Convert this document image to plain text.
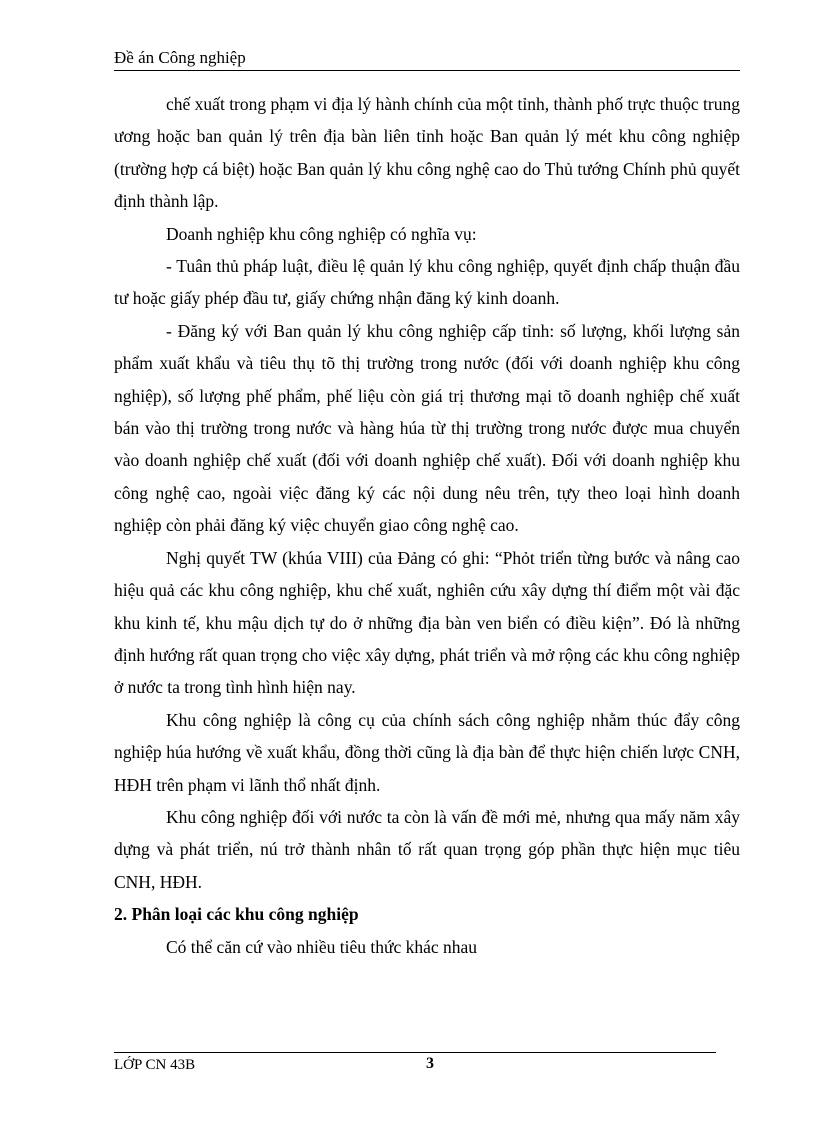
Đề án Công nghiệp

chế xuất trong phạm vi địa lý hành chính của một tỉnh, thành phố trực thuộc trung ương hoặc ban quản lý trên địa bàn liên tỉnh hoặc Ban quản lý mét khu công nghiệp (trường hợp cá biệt) hoặc Ban quản lý khu công nghệ cao do Thủ tướng Chính phủ quyết định thành lập.

Doanh nghiệp khu công nghiệp có nghĩa vụ:

- Tuân thủ pháp luật, điều lệ quản lý khu công nghiệp, quyết định chấp thuận đầu tư hoặc giấy phép đầu tư, giấy chứng nhận đăng ký kinh doanh.

- Đăng ký với Ban quản lý khu công nghiệp cấp tỉnh: số lượng, khối lượng sản phẩm xuất khẩu và tiêu thụ tõ thị trường trong nước (đối với doanh nghiệp khu công nghiệp), số lượng phế phẩm, phế liệu còn giá trị thương mại tõ doanh nghiệp chế xuất bán vào thị trường trong nước và hàng húa từ thị trường trong nước được mua chuyển vào doanh nghiệp chế xuất (đối với doanh nghiệp chế xuất). Đối với doanh nghiệp khu công nghệ cao, ngoài việc đăng ký các nội dung nêu trên, tựy theo loại hình doanh nghiệp còn phải đăng ký việc chuyển giao công nghệ cao.

Nghị quyết TW (khúa VIII) của Đảng có ghi: “Phỏt triển từng bước và nâng cao hiệu quả các khu công nghiệp, khu chế xuất, nghiên cứu xây dựng thí điểm một vài đặc khu kinh tế, khu mậu dịch tự do ở những địa bàn ven biển có điều kiện”. Đó là những định hướng rất quan trọng cho việc xây dựng, phát triển và mở rộng các khu công nghiệp ở nước ta trong tình hình hiện nay.

Khu công nghiệp là công cụ của chính sách công nghiệp nhằm thúc đẩy công nghiệp húa hướng về xuất khẩu, đồng thời cũng là địa bàn để thực hiện chiến lược CNH, HĐH trên phạm vi lãnh thổ nhất định.

Khu công nghiệp đối với nước ta còn là vấn đề mới mẻ, nhưng qua mấy năm xây dựng và phát triển, nú trở thành nhân tố rất quan trọng góp phần thực hiện mục tiêu CNH, HĐH.

2. Phân loại các khu công nghiệp

Có thể căn cứ vào nhiều tiêu thức khác nhau

LỚP CN 43B	3
